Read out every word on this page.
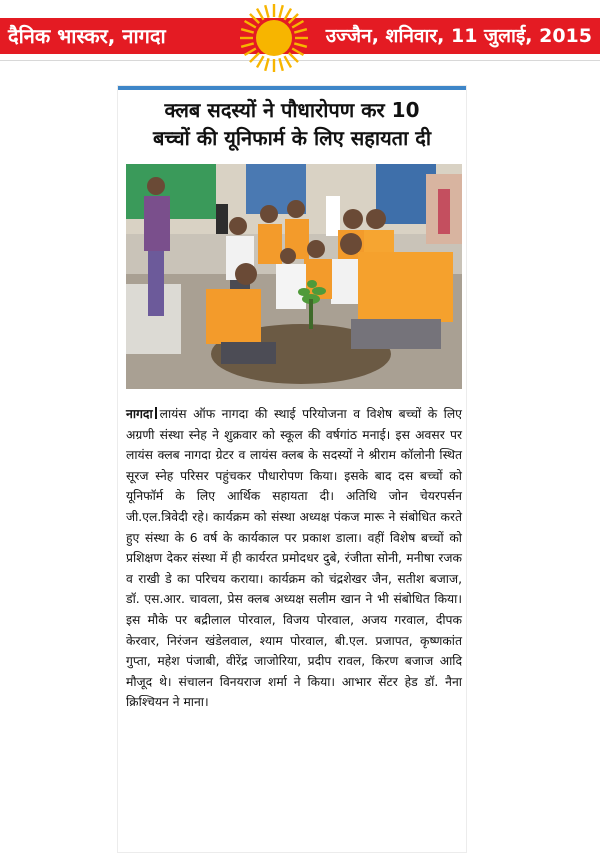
दैनिक भास्कर, नागदा	उज्जैन, शनिवार, 11 जुलाई, 2015
क्लब सदस्यों ने पौधारोपण कर 10
बच्चों की यूनिफार्म के लिए सहायता दी
नागदा लायंस ऑफ नागदा की स्थाई परियोजना व विशेष बच्चों के लिए अग्रणी संस्था स्नेह ने शुक्रवार को स्कूल की वर्षगांठ मनाई। इस अवसर पर लायंस क्लब नागदा ग्रेटर व लायंस क्लब के सदस्यों ने श्रीराम कॉलोनी स्थित सूरज स्नेह परिसर पहुंचकर पौधारोपण किया। इसके बाद दस बच्चों को यूनिफॉर्म के लिए आर्थिक सहायता दी। अतिथि जोन चेयरपर्सन जी.एल.त्रिवेदी रहे। कार्यक्रम को संस्था अध्यक्ष पंकज मारू ने संबोधित करते हुए संस्था के 6 वर्ष के कार्यकाल पर प्रकाश डाला। वहीं विशेष बच्चों को प्रशिक्षण देकर संस्था में ही कार्यरत प्रमोदधर दुबे, रंजीता सोनी, मनीषा रजक व राखी डे का परिचय कराया। कार्यक्रम को चंद्रशेखर जैन, सतीश बजाज, डॉ. एस.आर. चावला, प्रेस क्लब अध्यक्ष सलीम खान ने भी संबोधित किया। इस मौके पर बद्रीलाल पोरवाल, विजय पोरवाल, अजय गरवाल, दीपक केरवार, निरंजन खंडेलवाल, श्याम पोरवाल, बी.एल. प्रजापत, कृष्णकांत गुप्ता, महेश पंजाबी, वीरेंद्र जाजोरिया, प्रदीप रावल, किरण बजाज आदि मौजूद थे। संचालन विनयराज शर्मा ने किया। आभार सेंटर हेड डॉ. नैना क्रिश्चियन ने माना।
